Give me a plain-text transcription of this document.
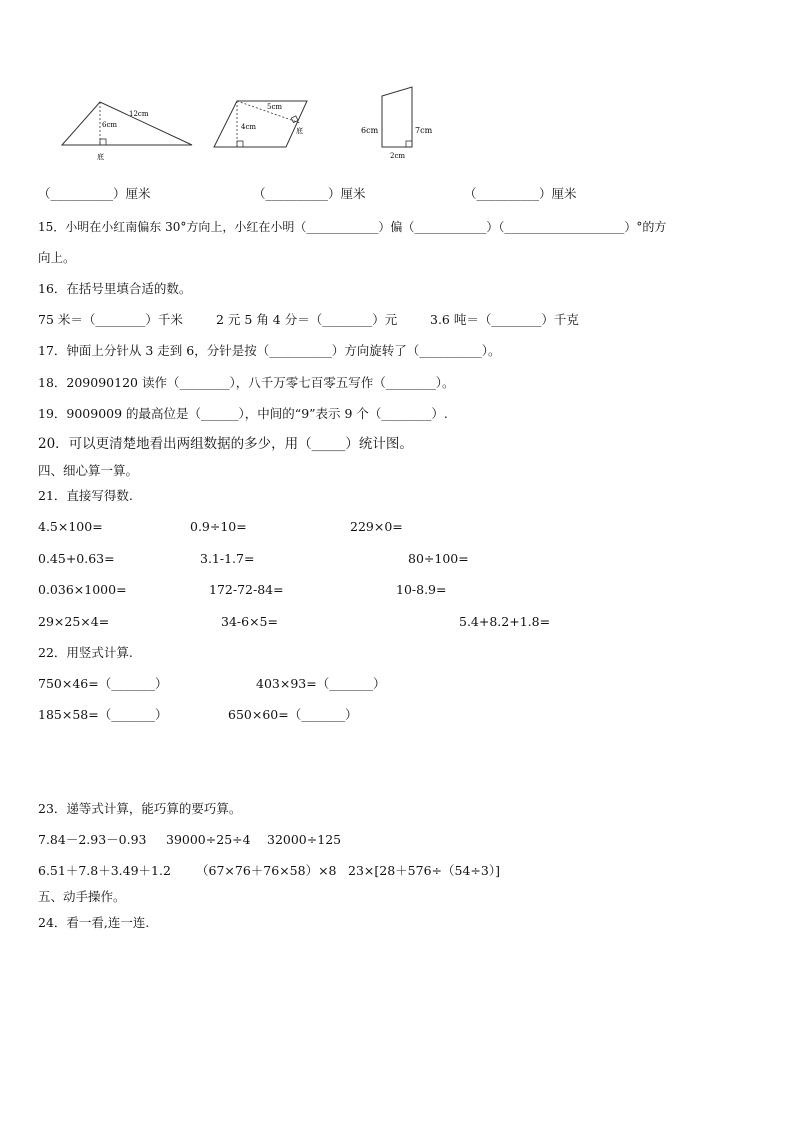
12cm
6cm
底
5cm
4cm	底	6cm	7cm
2cm
（__________）厘米	（__________）厘米	（__________）厘米
15．小明在小红南偏东 30°方向上，小红在小明（____________）偏（____________）（____________________）°的方
向上。
16．在括号里填合适的数。
75 米＝（________）千米	2 元 5 角 4 分＝（________）元	3.6 吨＝（________）千克
17．钟面上分针从 3 走到 6，分针是按（__________）方向旋转了（__________）。
18．209090120 读作（________），八千万零七百零五写作（________）。
19．9009009 的最高位是（______），中间的“9”表示 9 个（________）.
20．可以更清楚地看出两组数据的多少，用（_____）统计图。
四、细心算一算。
21．直接写得数.
4.5×100=	0.9÷10=	229×0=
0.45+0.63=	3.1-1.7=	80÷100=
0.036×1000=	172-72-84=	10-8.9=
29×25×4=	34-6×5=	5.4+8.2+1.8=
22．用竖式计算.
750×46=（_______）	403×93=（_______）
185×58=（_______）	650×60=（_______）
23．递等式计算，能巧算的要巧算。
7.84－2.93－0.93 39000÷25÷4 32000÷125
6.51＋7.8＋3.49＋1.2 （67×76＋76×58）×8 23×[28＋576÷（54÷3）]
五、动手操作。
24．看一看,连一连.
